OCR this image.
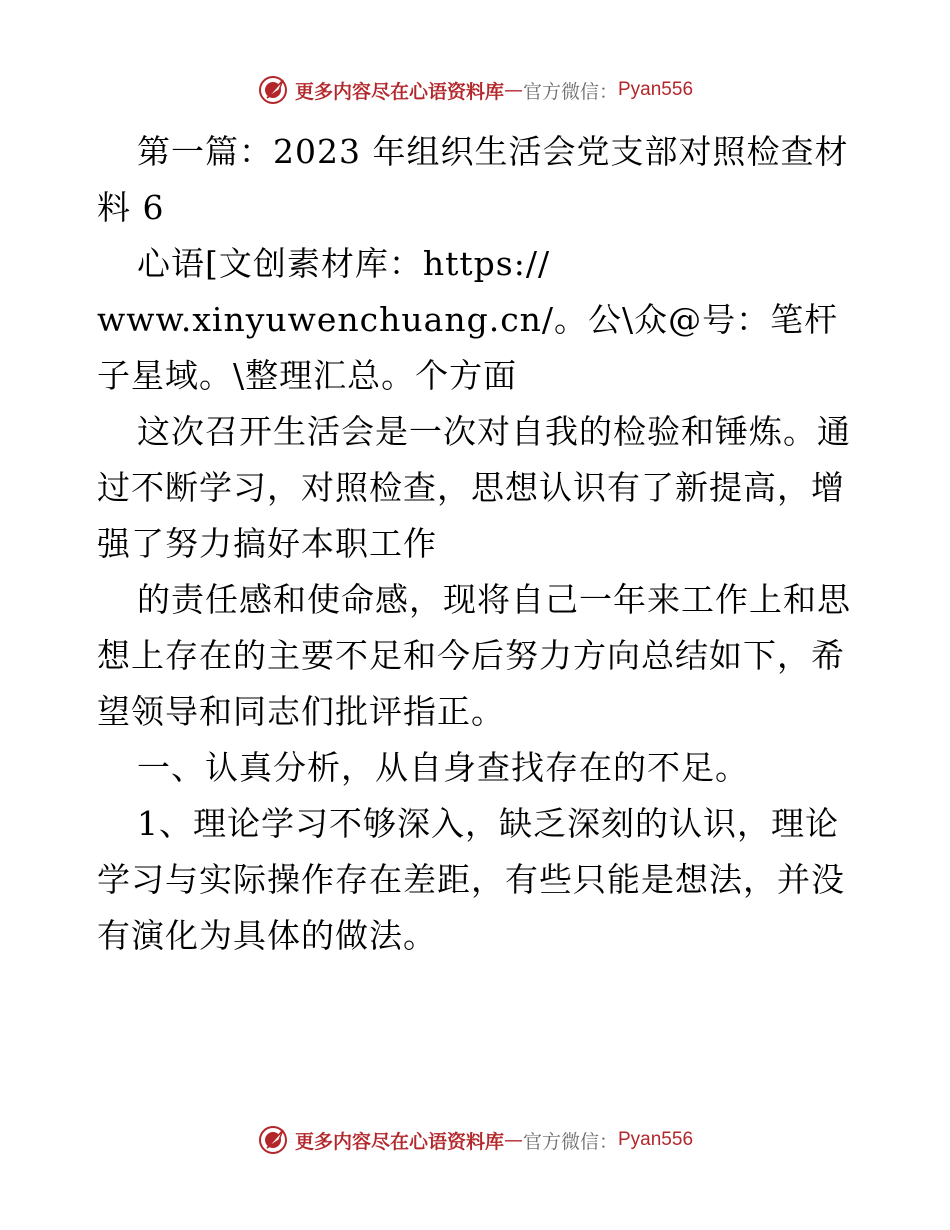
更多内容尽在心语资料库 — 官方微信： Pyan556

第一篇：2023 年组织生活会党支部对照检查材料 6

心语[文创素材库：https://

www.xinyuwenchuang.cn/。公\众@号：笔杆子星域。\整理汇总。个方面

这次召开生活会是一次对自我的检验和锤炼。通过不断学习，对照检查，思想认识有了新提高，增强了努力搞好本职工作

的责任感和使命感，现将自己一年来工作上和思想上存在的主要不足和今后努力方向总结如下，希望领导和同志们批评指正。

一、认真分析，从自身查找存在的不足。

1、理论学习不够深入，缺乏深刻的认识，理论学习与实际操作存在差距，有些只能是想法，并没有演化为具体的做法。

更多内容尽在心语资料库 — 官方微信： Pyan556
